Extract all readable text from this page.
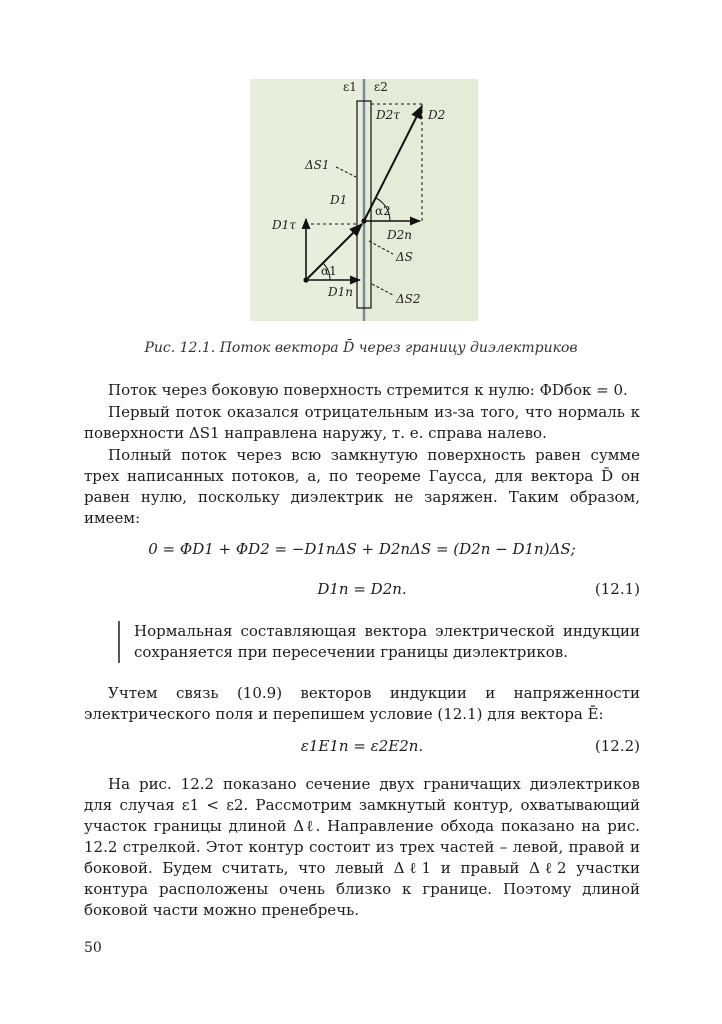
ε1 ε2
D2τ D2
ΔS1
D1
α2
D1τ
D2n
ΔS
α1
D1n	ΔS2
Рис. 12.1. Поток вектора D̄ через границу диэлектриков

Поток через боковую поверхность стремится к нулю: ΦDбок = 0.

Первый поток оказался отрицательным из-за того, что нормаль к поверхности ΔS1 направлена наружу, т. е. справа налево.

Полный поток через всю замкнутую поверхность равен сумме трех написанных потоков, а, по теореме Гаусса, для вектора D̄ он равен нулю, поскольку диэлектрик не заряжен. Таким образом, имеем:

0 = ΦD1 + ΦD2 = −D1nΔS + D2nΔS = (D2n − D1n)ΔS;
D1n = D2n.	(12.1)

Нормальная составляющая вектора электрической индукции сохраняется при пересечении границы диэлектриков.

Учтем связь (10.9) векторов индукции и напряженности электрического поля и перепишем условие (12.1) для вектора Ē:

ε1E1n = ε2E2n.	(12.2)

На рис. 12.2 показано сечение двух граничащих диэлектриков для случая ε1 < ε2. Рассмотрим замкнутый контур, охватывающий участок границы длиной Δℓ. Направление обхода показано на рис. 12.2 стрелкой. Этот контур состоит из трех частей – левой, правой и боковой. Будем считать, что левый Δℓ1 и правый Δℓ2 участки контура расположены очень близко к границе. Поэтому длиной боковой части можно пренебречь.

50
